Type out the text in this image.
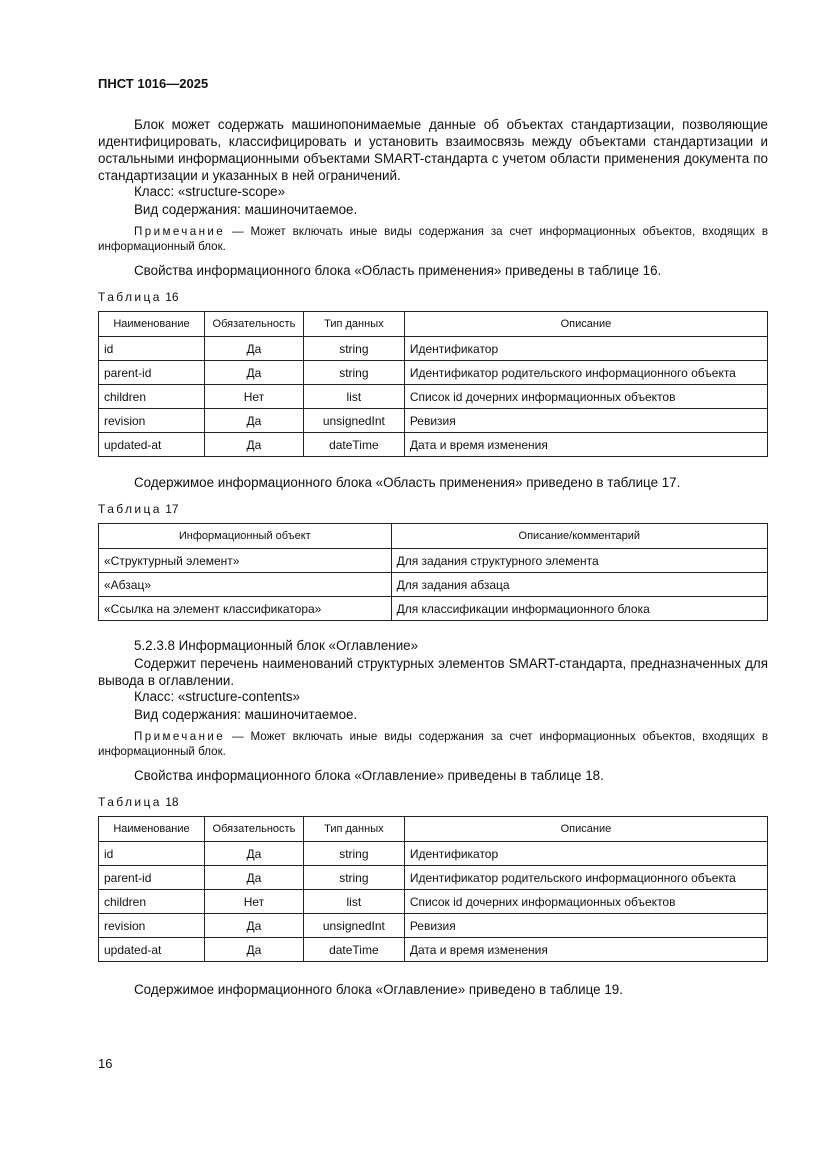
ПНСТ 1016—2025

Блок может содержать машинопонимаемые данные об объектах стандартизации, позволяющие идентифицировать, классифицировать и установить взаимосвязь между объектами стандартизации и остальными информационными объектами SMART-стандарта с учетом области применения документа по стандартизации и указанных в ней ограничений.

Класс: «structure-scope»
Вид содержания: машиночитаемое.

Примечание — Может включать иные виды содержания за счет информационных объектов, входящих в информационный блок.

Свойства информационного блока «Область применения» приведены в таблице 16.
Таблица 16
Наименование	Обязательность	Тип данных	Описание
id	Да	string	Идентификатор
parent-id	Да	string	Идентификатор родительского информационного объекта
children	Нет	list	Список id дочерних информационных объектов
revision	Да	unsignedInt	Ревизия
updated-at	Да	dateTime	Дата и время изменения
Содержимое информационного блока «Область применения» приведено в таблице 17.
Таблица 17
Информационный объект	Описание/комментарий
«Структурный элемент»	Для задания структурного элемента
«Абзац»	Для задания абзаца
«Ссылка на элемент классификатора»	Для классификации информационного блока
5.2.3.8 Информационный блок «Оглавление»

Содержит перечень наименований структурных элементов SMART-стандарта, предназначенных для вывода в оглавлении.

Класс: «structure-contents»
Вид содержания: машиночитаемое.

Примечание — Может включать иные виды содержания за счет информационных объектов, входящих в информационный блок.

Свойства информационного блока «Оглавление» приведены в таблице 18.
Таблица 18
Наименование	Обязательность	Тип данных	Описание
id	Да	string	Идентификатор
parent-id	Да	string	Идентификатор родительского информационного объекта
children	Нет	list	Список id дочерних информационных объектов
revision	Да	unsignedInt	Ревизия
updated-at	Да	dateTime	Дата и время изменения
Содержимое информационного блока «Оглавление» приведено в таблице 19.
16
